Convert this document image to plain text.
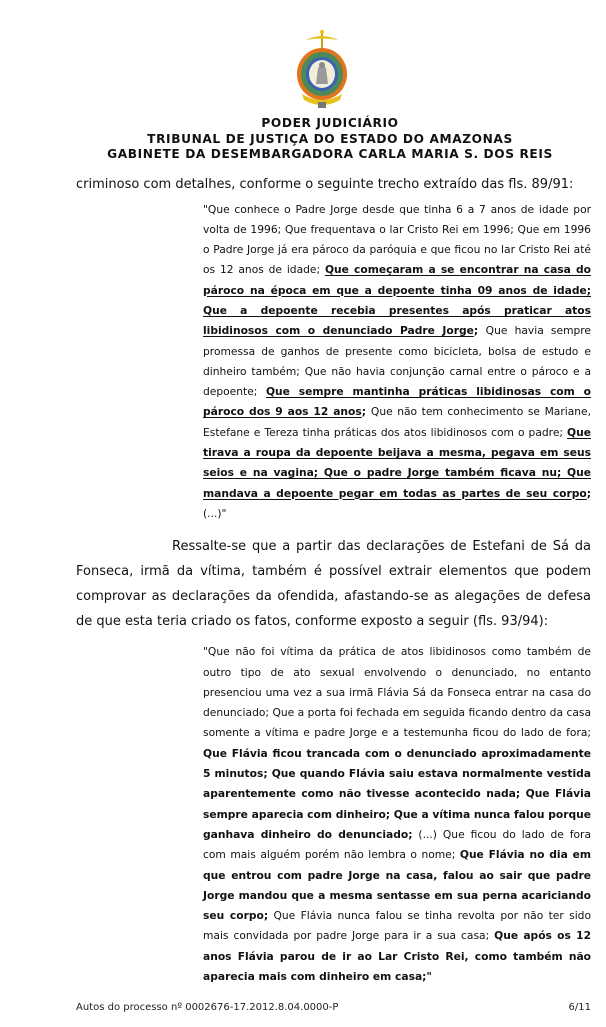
PODER JUDICIÁRIO
TRIBUNAL DE JUSTIÇA DO ESTADO DO AMAZONAS
GABINETE DA DESEMBARGADORA CARLA MARIA S. DOS REIS
criminoso com detalhes, conforme o seguinte trecho extraído das fls. 89/91:
"Que conhece o Padre Jorge desde que tinha 6 a 7 anos de idade por volta de 1996; Que frequentava o lar Cristo Rei em 1996; Que em 1996 o Padre Jorge já era pároco da paróquia e que ficou no lar Cristo Rei até os 12 anos de idade; Que começaram a se encontrar na casa do pároco na época em que a depoente tinha 09 anos de idade; Que a depoente recebia presentes após praticar atos libidinosos com o denunciado Padre Jorge; Que havia sempre promessa de ganhos de presente como bicicleta, bolsa de estudo e dinheiro também; Que não havia conjunção carnal entre o pároco e a depoente; Que sempre mantinha práticas libidinosas com o pároco dos 9 aos 12 anos; Que não tem conhecimento se Mariane, Estefane e Tereza tinha práticas dos atos libidinosos com o padre; Que tirava a roupa da depoente beijava a mesma, pegava em seus seios e na vagina; Que o padre Jorge também ficava nu; Que mandava a depoente pegar em todas as partes de seu corpo; (...)"
Ressalte-se que a partir das declarações de Estefani de Sá da Fonseca, irmã da vítima, também é possível extrair elementos que podem comprovar as declarações da ofendida, afastando-se as alegações de defesa de que esta teria criado os fatos, conforme exposto a seguir (fls. 93/94):
"Que não foi vítima da prática de atos libidinosos como também de outro tipo de ato sexual envolvendo o denunciado, no entanto presenciou uma vez a sua irmã Flávia Sá da Fonseca entrar na casa do denunciado; Que a porta foi fechada em seguida ficando dentro da casa somente a vítima e padre Jorge e a testemunha ficou do lado de fora; Que Flávia ficou trancada com o denunciado aproximadamente 5 minutos; Que quando Flávia saiu estava normalmente vestida aparentemente como não tivesse acontecido nada; Que Flávia sempre aparecia com dinheiro; Que a vítima nunca falou porque ganhava dinheiro do denunciado; (...) Que ficou do lado de fora com mais alguém porém não lembra o nome; Que Flávia no dia em que entrou com padre Jorge na casa, falou ao sair que padre Jorge mandou que a mesma sentasse em sua perna acariciando seu corpo; Que Flávia nunca falou se tinha revolta por não ter sido mais convidada por padre Jorge para ir a sua casa; Que após os 12 anos Flávia parou de ir ao Lar Cristo Rei, como também não aparecia mais com dinheiro em casa;"
Autos do processo nº 0002676-17.2012.8.04.0000-P	6/11
